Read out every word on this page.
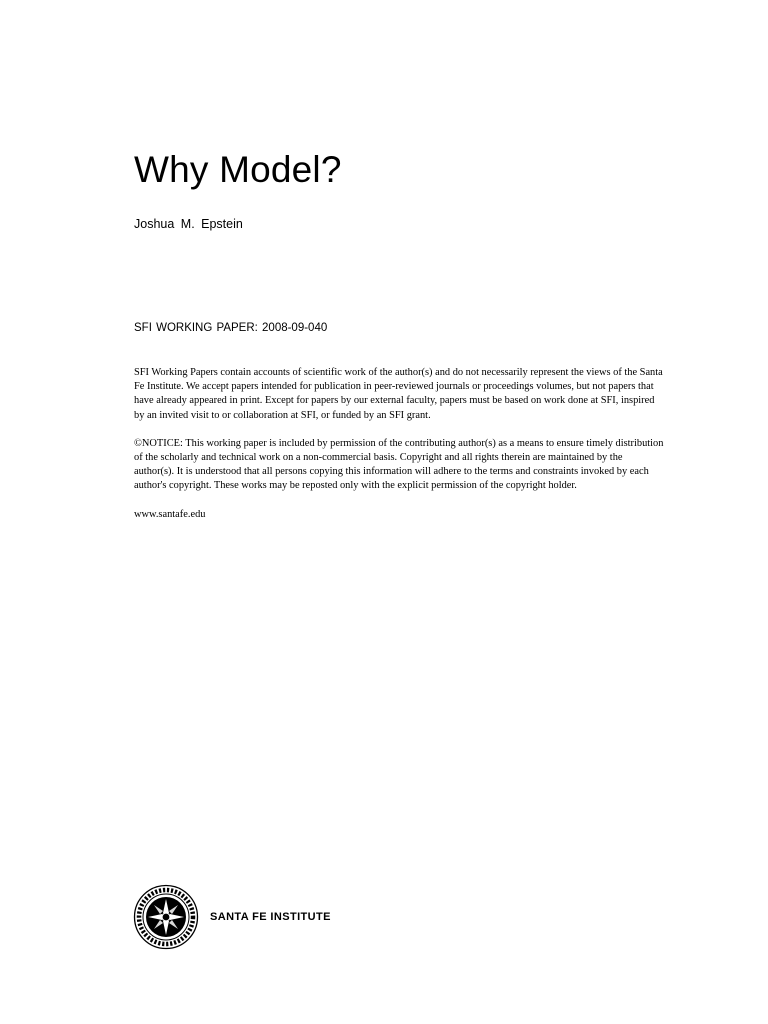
Why Model?
Joshua M. Epstein
SFI WORKING PAPER: 2008-09-040

SFI Working Papers contain accounts of scientific work of the author(s) and do not necessarily represent the views of the Santa Fe Institute. We accept papers intended for publication in peer-reviewed journals or proceedings volumes, but not papers that have already appeared in print. Except for papers by our external faculty, papers must be based on work done at SFI, inspired by an invited visit to or collaboration at SFI, or funded by an SFI grant.

©NOTICE: This working paper is included by permission of the contributing author(s) as a means to ensure timely distribution of the scholarly and technical work on a non-commercial basis. Copyright and all rights therein are maintained by the author(s). It is understood that all persons copying this information will adhere to the terms and constraints invoked by each author's copyright. These works may be reposted only with the explicit permission of the copyright holder.

www.santafe.edu

SANTA FE INSTITUTE
